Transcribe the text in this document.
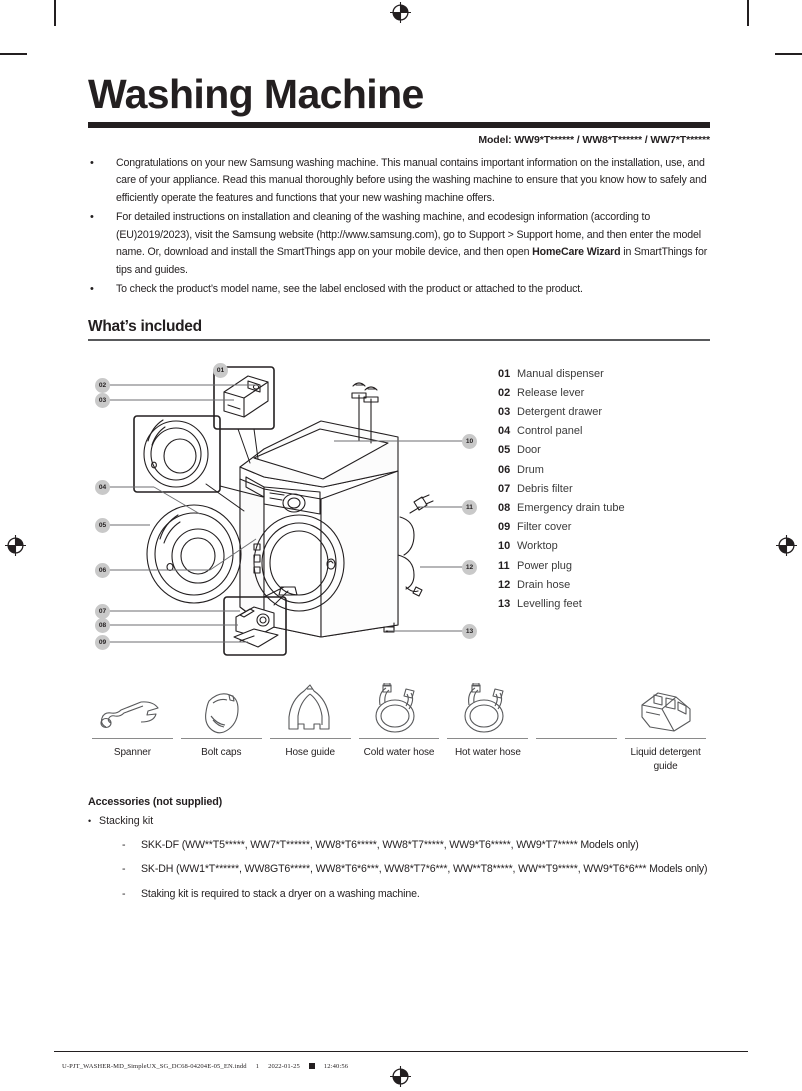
Washing Machine
Model: WW9*T****** / WW8*T****** / WW7*T******
•	Congratulations on your new Samsung washing machine. This manual contains important information on the installation, use, and care of your appliance. Read this manual thoroughly before using the washing machine to ensure that you know how to safely and efficiently operate the features and functions that your new washing machine offers.
•	For detailed instructions on installation and cleaning of the washing machine, and ecodesign information (according to (EU)2019/2023), visit the Samsung website (http://www.samsung.com), go to Support > Support home, and then enter the model name. Or, download and install the SmartThings app on your mobile device, and then open HomeCare Wizard in SmartThings for tips and guides.
•	To check the product’s model name, see the label enclosed with the product or attached to the product.
What’s included
01
02
03
04
05
06
07
08
09
10
11
12
13
01 Manual dispenser
02 Release lever
03 Detergent drawer
04 Control panel
05 Door
06 Drum
07 Debris filter
08 Emergency drain tube
09 Filter cover
10 Worktop
11 Power plug
12 Drain hose
13 Levelling feet
Spanner	Bolt caps	Hose guide	Cold water hose	Hot water hose	Liquid detergent guide
Accessories (not supplied)
• Stacking kit
-	SKK-DF (WW**T5*****, WW7*T******, WW8*T6*****, WW8*T7*****, WW9*T6*****, WW9*T7***** Models only)
-	SK-DH (WW1*T******, WW8GT6*****, WW8*T6*6***, WW8*T7*6***, WW**T8*****, WW**T9*****, WW9*T6*6*** Models only)
-	Staking kit is required to stack a dryer on a washing machine.
U-PJT_WASHER-MD_SimpleUX_SG_DC68-04204E-05_EN.indd 1 2022-01-25	12:40:56
